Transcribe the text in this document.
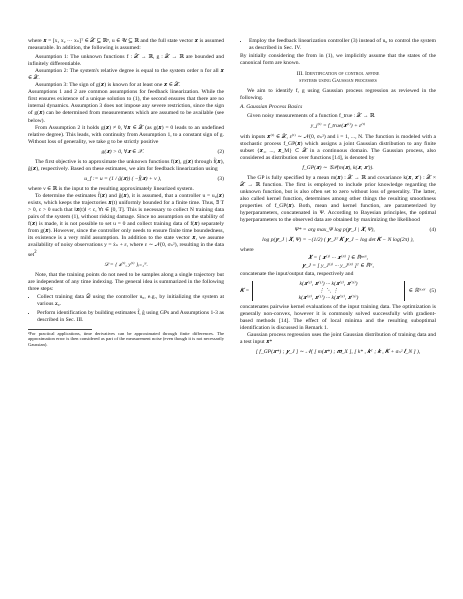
where 𝒙 = [x₁ x₂ ··· xₙ]ᵀ ∈ 𝒳 ⊆ ℝⁿ, u ∈ 𝒰 ⊆ ℝ and the full state vector 𝒙 is assumed measurable. In addition, the following is assumed:

Assumption 1: The unknown functions f : 𝒳 → ℝ, g : 𝒳 → ℝ are bounded and infinitely differentiable.

Assumption 2: The system's relative degree is equal to the system order n for all 𝒙 ∈ 𝒳.

Assumption 3: The sign of g(𝒙) is known for at least one 𝒙 ∈ 𝒳.

Assumptions 1 and 2 are common assumptions for feedback linearization. While the first ensures existence of a unique solution to (1), the second ensures that there are no internal dynamics. Assumption 3 does not impose any severe restriction, since the sign of g(𝒙) can be determined from measurements which are assumed to be available (see below).

From Assumption 2 it holds g(𝒙) ≠ 0, ∀𝒙 ∈ 𝒳 (as g(𝒙) = 0 leads to an undefined relative degree). This leads, with continuity from Assumption 1, to a constant sign of g. Without loss of generality, we take g to be strictly positive

g(𝒙) > 0, ∀𝒙 ∈ 𝒳.	(2)

The first objective is to approximate the unknown functions f(𝒙), g(𝒙) through f̂(𝒙), ĝ(𝒙), respectively. Based on these estimates, we aim for feedback linearization using

u_f := u = (1 / ĝ(𝒙)) ( −f̂(𝒙) + ν ),	(3)

where ν ∈ ℝ is the input to the resulting approximately linearized system.

To determine the estimates f̂(𝒙) and ĝ(𝒙), it is assumed, that a controller u = u₀(𝒙) exists, which keeps the trajectories 𝒙(t) uniformly bounded for a finite time. Thus, ∃ T > 0, c > 0 such that ‖𝒙(t)‖ < c, ∀t ∈ [0, T]. This is necessary to collect N training data pairs of the system (1), without risking damage. Since no assumption on the stability of f(𝒙) is made, it is not possible to set u = 0 and collect training data of f(𝒙) separately from g(𝒙). However, since the controller only needs to ensure finite time boundedness, its existence is a very mild assumption. In addition to the state vector 𝒙, we assume availability of noisy observations y = ẋₙ + ε, where ε ∼ 𝒩(0, σₙ²), resulting in the data set$^2$

𝒟 = { 𝒙⁽ⁱ⁾, y⁽ⁱ⁾ }ᵢ₌₁ᴺ.

Note, that the training points do not need to be samples along a single trajectory but are independent of any time indexing. The general idea is summarized in the following three steps:

• Collect training data 𝒟 using the controller u₀, e.g., by initializing the system at various 𝒙₀.
• Perform identification by building estimates f̂, ĝ using GPs and Assumptions 1-3 as described in Sec. III.

²For practical applications, time derivatives can be approximated through finite differences. The approximation error is then considered as part of the measurement noise (even though it is not necessarily Gaussian).

• Employ the feedback linearization controller (3) instead of u₀ to control the system as described in Sec. IV.

By initially considering the from in (1), we implicitly assume that the states of the canonical form are known.

III. Identification of control affine
systems using Gaussian processes

We aim to identify f, g using Gaussian process regression as reviewed in the following.

A. Gaussian Process Basics

Given noisy measurements of a function f_true : 𝒳 → ℝ

y_j⁽ⁱ⁾ = f_true(𝒙⁽ⁱ⁾) + ε⁽ⁱ⁾

with inputs 𝒙⁽ⁱ⁾ ∈ 𝒳, ε⁽ⁱ⁾ ∼ 𝒩(0, σₙ²) and i = 1, ..., N. The function is modeled with a stochastic process f_GP(𝒙) which assigns a joint Gaussian distribution to any finite subset {𝒙₁, ..., 𝒙_M} ⊂ 𝒳 in a continuous domain. The Gaussian process, also considered as distribution over functions [14], is denoted by

f_GP(𝒙) ∼ 𝒢𝒫(m(𝒙), k(𝒙, 𝒙′)).

The GP is fully specified by a mean m(𝒙) : 𝒳 → ℝ and covariance k(𝒙, 𝒙′) : 𝒳 × 𝒳 → ℝ function. The first is employed to include prior knowledge regarding the unknown function, but is also often set to zero without loss of generality. The latter, also called kernel function, determines among other things the resulting smoothness properties of f_GP(𝒙). Both, mean and kernel function, are parameterized by hyperparameters, concatenated in Ψ. According to Bayesian principles, the optimal hyperparameters to the observed data are obtained by maximizing the likelihood

Ψ* = arg max_Ψ log p(𝒚_J | 𝑿, Ψ),	(4)
log p(𝒚_J | 𝑿, Ψ) = −(1/2) ( 𝒚_Jᵀ 𝑲 𝒚_J − log det 𝑲 − N log(2π) ),

where

𝑿 = [ 𝒙⁽¹⁾ ··· 𝒙⁽ᴺ⁾ ] ∈ ℝⁿˣᴺ,
𝒚_J = [ y_J⁽¹⁾ ··· y_J⁽ᴺ⁾ ]ᵀ ∈ ℝᴺ,

concatenate the input/output data, respectively and

𝑲 =
k(𝒙⁽¹⁾, 𝒙⁽¹⁾) ··· k(𝒙⁽¹⁾, 𝒙⁽ᴺ⁾)
⋮ ⋱ ⋮
k(𝒙⁽ᴺ⁾, 𝒙⁽¹⁾) ··· k(𝒙⁽ᴺ⁾, 𝒙⁽ᴺ⁾)
∈ ℝᴺˣᴺ (5)

concatenates pairwise kernel evaluations of the input training data. The optimization is generally non-convex, however it is commonly solved successfully with gradient-based methods [14]. The effect of local minima and the resulting suboptimal identification is discussed in Remark 1.

Gaussian process regression uses the joint Gaussian distribution of training data and a test input 𝒙*

[ f_GP(𝒙*) ; 𝒚_J ] ∼ 𝒩( [ m(𝒙*) ; 𝒎_X ], [ k* , 𝒌ᵀ ; 𝒌 , 𝑲 + σₙ² 𝑰_N ] ),
